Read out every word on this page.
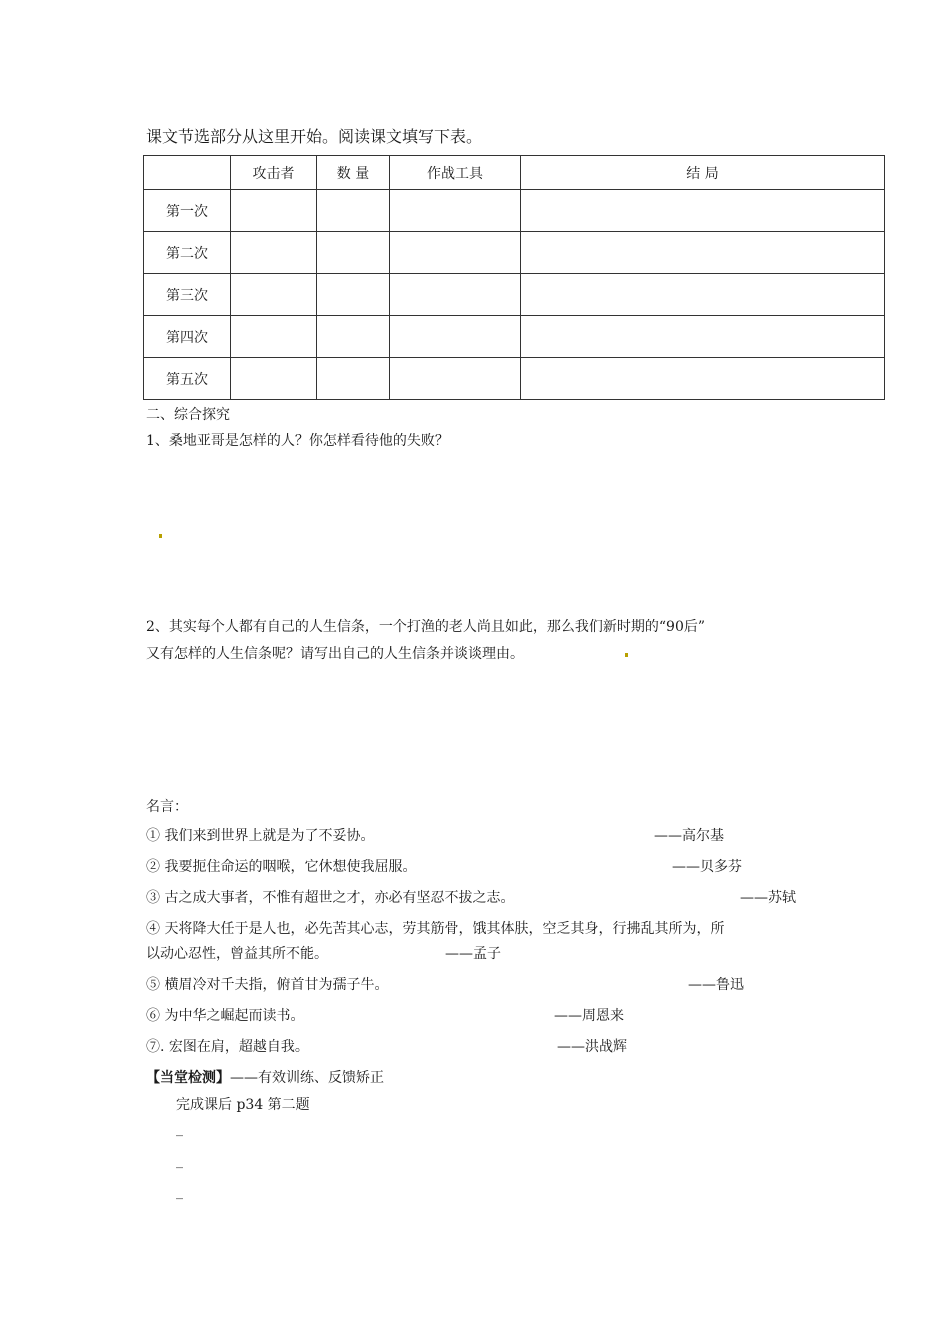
课文节选部分从这里开始。阅读课文填写下表。
	攻击者	数 量	作战工具	结 局
第一次				
第二次				
第三次				
第四次				
第五次				
二、综合探究
1、桑地亚哥是怎样的人？你怎样看待他的失败？
2、其实每个人都有自己的人生信条，一个打渔的老人尚且如此，那么我们新时期的“90后”
又有怎样的人生信条呢？请写出自己的人生信条并谈谈理由。
名言：
① 我们来到世界上就是为了不妥协。	——高尔基
② 我要扼住命运的咽喉，它休想使我屈服。	——贝多芬
③ 古之成大事者，不惟有超世之才，亦必有坚忍不拔之志。	——苏轼
④ 天将降大任于是人也，必先苦其心志，劳其筋骨，饿其体肤，空乏其身，行拂乱其所为，所
以动心忍性，曾益其所不能。	——孟子
⑤ 横眉冷对千夫指，俯首甘为孺子牛。	——鲁迅
⑥ 为中华之崛起而读书。	——周恩来
⑦. 宏图在肩，超越自我。	——洪战辉
【当堂检测】——有效训练、反馈矫正
完成课后 p34 第二题
_
_
_
